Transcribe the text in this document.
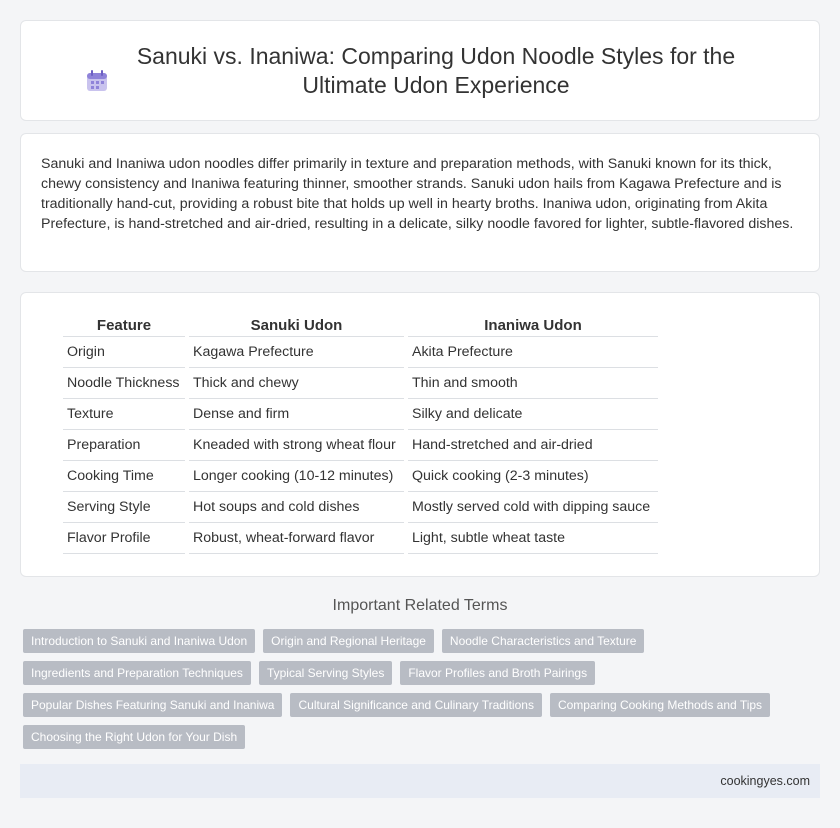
Sanuki vs. Inaniwa: Comparing Udon Noodle Styles for the Ultimate Udon Experience

Sanuki and Inaniwa udon noodles differ primarily in texture and preparation methods, with Sanuki known for its thick, chewy consistency and Inaniwa featuring thinner, smoother strands. Sanuki udon hails from Kagawa Prefecture and is traditionally hand-cut, providing a robust bite that holds up well in hearty broths. Inaniwa udon, originating from Akita Prefecture, is hand-stretched and air-dried, resulting in a delicate, silky noodle favored for lighter, subtle-flavored dishes.

Feature	Sanuki Udon	Inaniwa Udon
Origin	Kagawa Prefecture	Akita Prefecture
Noodle Thickness	Thick and chewy	Thin and smooth
Texture	Dense and firm	Silky and delicate
Preparation	Kneaded with strong wheat flour	Hand-stretched and air-dried
Cooking Time	Longer cooking (10-12 minutes)	Quick cooking (2-3 minutes)
Serving Style	Hot soups and cold dishes	Mostly served cold with dipping sauce
Flavor Profile	Robust, wheat-forward flavor	Light, subtle wheat taste
Important Related Terms
Introduction to Sanuki and Inaniwa Udon	Origin and Regional Heritage	Noodle Characteristics and Texture
Ingredients and Preparation Techniques	Typical Serving Styles	Flavor Profiles and Broth Pairings
Popular Dishes Featuring Sanuki and Inaniwa	Cultural Significance and Culinary Traditions	Comparing Cooking Methods and Tips
Choosing the Right Udon for Your Dish
cookingyes.com
